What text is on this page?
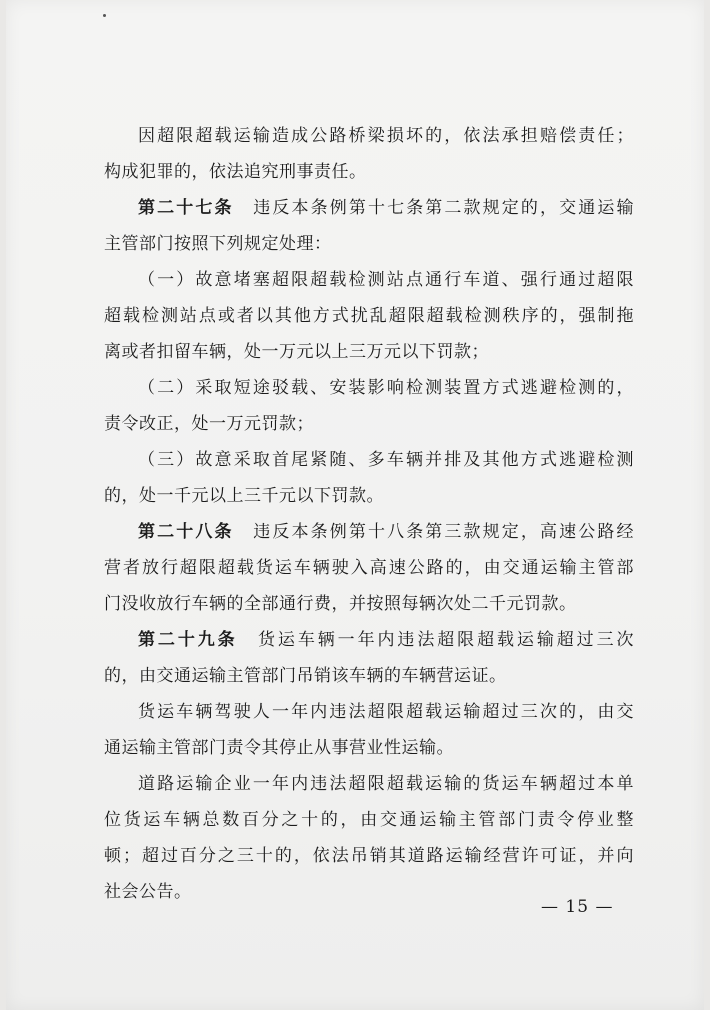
因超限超载运输造成公路桥梁损坏的，依法承担赔偿责任；
构成犯罪的，依法追究刑事责任。
第二十七条 违反本条例第十七条第二款规定的，交通运输
主管部门按照下列规定处理：
（一）故意堵塞超限超载检测站点通行车道、强行通过超限
超载检测站点或者以其他方式扰乱超限超载检测秩序的，强制拖
离或者扣留车辆，处一万元以上三万元以下罚款；
（二）采取短途驳载、安装影响检测装置方式逃避检测的，
责令改正，处一万元罚款；
（三）故意采取首尾紧随、多车辆并排及其他方式逃避检测
的，处一千元以上三千元以下罚款。
第二十八条 违反本条例第十八条第三款规定，高速公路经
营者放行超限超载货运车辆驶入高速公路的，由交通运输主管部
门没收放行车辆的全部通行费，并按照每辆次处二千元罚款。
第二十九条 货运车辆一年内违法超限超载运输超过三次
的，由交通运输主管部门吊销该车辆的车辆营运证。
货运车辆驾驶人一年内违法超限超载运输超过三次的，由交
通运输主管部门责令其停止从事营业性运输。
道路运输企业一年内违法超限超载运输的货运车辆超过本单
位货运车辆总数百分之十的，由交通运输主管部门责令停业整
顿；超过百分之三十的，依法吊销其道路运输经营许可证，并向
社会公告。
— 15 —
